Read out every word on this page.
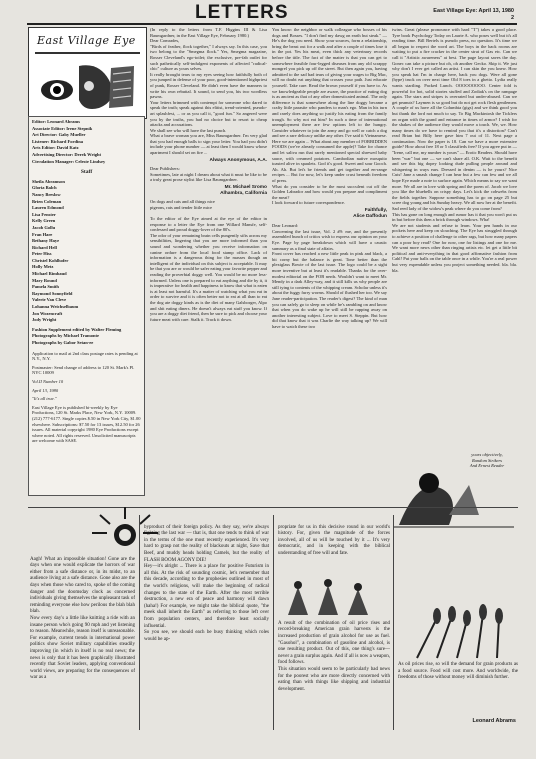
LETTERS	East Village Eye: April 13, 1980
2
East Village Eye

Editor: Leonard Abrams

Associate Editor: Irene Stepnik

Art Director: Gaby Mueller

Listener: Richard Fordina

Arts Editor: David Katz

Advertising Director: Derek Wright

Circulation Manager: Celeste Lindsey

Staff

Sheila Abramson

Gloria Balch

Nancy Breslow

Brien Coleman

Lauren Edmond

Lisa Fenster

Kelly Green

Jacob Gollu

Fran Hare

Bethany Haye

Richard Hell

Peter Hiss

Christel Kohlhofer

Holly Metz

Michael Rimbaud

Mary Round

Pamela Smith

Raymond Sonnyfield

Valerie Van Cleve

Lohanna Weichselbaum

Jon Wozencraft

Jody Wright

Fashion Supplement edited by Walter Fleming

Photographs by Michael Tramonte

Photographs by Gabor Setan-ee

Application to mail at 2nd class postage rates is pending at N.Y., N.Y.

Postmaster: Send change of address to 120 St. Mark's Pl. NYC 10009

Vol.II Number 10

April 13, 1980

"It's all true."

East Village Eye is published bi-weekly by Eye Productions, 120 St. Marks Place, New York, N.Y. 10009. (212) 777-6177. Single copies $.50 in New York City, $1.00 elsewhere. Subscriptions: $7.50 for 13 issues, $12.50 for 26 issues. All material copyright 1980 Eye Productions except where noted. All rights reserved. Unsolicited manuscripts are welcome with SASE.

(In reply to the letters from T.F. Higgins III & Lisa Baumgardner, in the East Village Eye, February 1980.)
Dear Comrades,
"Birds of feather, flock together," I always say. In this case, you two belong to the "Smegma flock." Yes, Smegma magazine, Rosser Cleveland's ego-toilet; the exclusive, pre-fab outlet for such pathetically self-indulgent exponents of affected "radical-chic" culture as yours selves.
It really brought tears to my eyes seeing how faithfully both of you jumped in defense of your poor, good-intentioned highpriest of punk, Rosser Cleveland. He didn't even have the manners to write his own rebuttal. It sound, to send you, his two wordless pawns.
Your letters brimmed with contempt for someone who dared to speak the truth; speak against this elitist, trend-oriented, pseudo-art splashfest, ... or as you call it, "good fun." So angered were you by the truths, you had no choice but to resort to cheap attacks and accusations.
We shall see who will have the last punch.
What a brave woman you are, Miss Baumgardner. I'm very glad that you had enough balls to sign your letter. You had you didn't include your phone number — at least then I would know whose apartment I should set on fire ...
Always Anonymous, A.A.
Dear Publishers:
Sometimes, late at night I dream about what it must be like to be a truly great prose stylist like Lisa Baumgardner.
Mr. Michael Sromo
Alhambra, California
On dogs and cats and all things nice
pigeons, rats and tender little mice

To the editor of the Eye aimed at the eye of the editor in response to a letter the Eye from one Willard Mansfe, self-confessed and proud doggy-lover of the 80's.
The odor of your remaining brain cells pungently sifts across my sensibilities, lingering that you are more informed than you sound and wondering whether you receive information on canine ordure from the local food stamp office. Lack of information is a dangerous thing for the masses though an intelligent of the individual on this subject is acceptable. It may be that you are or would be safer eating your favorite pepper and reading the proverbial doggy well. You would be no more less-informed. Unless one is prepared to eat anything and die by it, it is imperative for health and happiness to know that what is eaten is at least not harmful. It's a matter of watching what you eat in order to survive and it is often better not to eat at all than to eat the dog ate doggy kinds as is the diet of many Galsborger, Alpo and shit eating diners. He doesn't always eat stuff you know. If you are a doggy diet friend, then be sure to pick and choose your future meat with care. Stalk it. Track it down.
You know: the neighbor or walk colleague who bosses of his dogs and Bosses. "I don't find my dawg on earth but steak." — He's the dog you need. Show your sources, form a relationship, bring the beast out for a walk and after a couple of times lose it in the pot. Yes his meat, even thick any veterinary records before the title. The fact of the matter is that you can get to somewhere feasible four-legged diseases from any old scrappy mongrel you pick up off the street. But then again you, having admitted to the sad bad tears of giving your wages to Big Mac, will no doubt eat anything that crosses your path. Just educate yourself. Take care. Read the brown yourself if you have to. As we knowledgeable people are aware, the practice of eating dog is as ancient as that of any other domesticated animal. The only difference is that somewhere along the line doggy became a crafty little parasite who panders to man's ego. Man in his turn and rarely does anything so justify his eating from the family trough. So why not eat him? In such a time of international unemployment there are few options left to the hungry. Consider whatever to join the army and go well or catch a dog and see a rare delicacy unlike any other. I've said it Vietnamese.
Here we are again ... What about any member of FORBIDDEN FOODS (we've already consumed the apple)? Take for chance and let saliva run that rarely mentioned special shrewed baby sauce, with creamed potatoes. Cambodian native mosquito toasted alive in spaulets. God it's good. Sweet and sour Gooch. Ah. Ah. But let's be friends and get together and en-range recipes ... But for now, let's keep under crust beneath freedom of press.
What do you consider to be the most succulent cut off the Golden Labrador and how would you prepare and compliment the meat?
I look forward to future correspondence.
Faithfully,
Alice Daffodun
Dear Leonard:
Concerning the last issue, Vol. 2 #9: me, and the presently assembled bunch of critics wish to express our opinion on your Eye. Page by page breakdown which will have a caustic summary as a final state of affairs.
Front cover has reached a new little peak in pink and black, a bit corny but the balance is great. Tone better than the plexiglass Bowie of the last issue. The logo could be a sight more inventive but at least it's readable. Thanks for the over-modest editorial on the FOB nerds. Wouldn't want to meet Mr. Mendy in a dark Alley-way, and it still kills us why people are still tying to contents of the whipping cream. Scholar unless it's about the fuggy furry worms. Should of flushed her too. We say Jane reader-participation. The reader's digest? The kind of man you can safely go to sleep on while he's rambling on and know that when you do wake up he will still be rapping away on another interesting subject. Love to meet S. Steppin. But how did that know that it was Charlie the way talking up? We will have to watch these two
twins. Great (please pronounce with hard "T") takes a good place. Tyre book Psychology Today on Laurie A. who poses well but it's all reading time. Bill Bertels is pseudo press, no question. It's time we all began to respect the word art. The boys in the back rooms are waiting to put a fire cracker in the center strut of Gas etc. Can we call it "Artistic awareness" at best. The page layout saves the day. Gonec can take a picture but oh, oh another Gecko. Skip it. We just why don't I ever get called an artist. I can skin the you knew. How you speak hat I'm in charge here, back you dogs. Were all gone (hype) truck on over next time Old 8 toes in a ghetto. Lydia really wants startling. Packed Lunch. OOOOOOOOO. Center fold is powerful for hot, solid stories stuffed and Zodiak's on the rampage again. The stars and stripes is overrated but under-abused. Can we get peanuts? Laymen is so good but do not get rock flesh gentlemen. A couple of us have all the Columbia (gigs) and we think good you but thank the lord not much to say. To Big Mackintosh the Ticklers on organ with the grand and entrance in times of armor? I wish for the shakes of the audience they would move a touch. We, we. How many times do we have to remind you that it's a distortion? Can't read Brian but Billy here gave him 7 out of 11. Next page a continuation. Now the paper is 18. Can we have a more extensive guide? How about free 18 or 5 classifieds free? If you agree put in — "Irene, call me, my number is yours" — Erotic Readers. Should have been "war" but one — we can't share all. O.K. Wait to the benefit and see this big dopey looking dude pulling people around and whispering in ways ears. Dressed in denim — is he yours? Nice Cuts! Jane a smash change I can hear but a few can few and we all hope Eye made a note to surface again. Which means to say we want more. We all are in love with spring and the poem of. Jacob we love you like the bluebells on crispy days. Let's kick the cobwebs from the fields together. Suppose something has to go on page 25 but scree dog young and his Sunday heavy. We all now her at the benefit. Sad reed lady of the widow's peak where do you come from?
This has gone on long enough and rumor has it that you won't put us in but before this then a brick through windows. Wha!
We are not students and refuse to learn. Your pen hands in our pockets here and keep on slouching. The Eye has struggled through to achieve a position of challenge to other rags, but how many papers can a poor boy read? One for now, one for listings and one for me. We want more news other than ringing artists etc. let get a little bit political and anti-everything in that good affirmative fashion from Cahl! Put your balls on the table once in a while. You're a real power but very expendable unless you project something needed. bla. bla. bla.
yours objectively,
Random Strikers
And Ernest Reader

Aagh! What an impossible situation! Gone are the days when one would explicate the horrors of war either from a safe distance or, in its midst, to an audience living at a safe distance. Gone also are the days when those who cared to, spoke of the coming danger and the doomsday clock as concerned individuals giving themselves the unpleasant task of reminding everyone else how perilous the blah blah blah.
Now every day's a little like knitting a ride with an insane person who's going 90 mph and yet listening to reason. Meanwhile, reason itself is unreasonable. For example, current trends in international power politics show Soviet military capabilities steadily improving (in which in itself is no real news; the news is only that it has been graphically illustrated recently that Soviet leaders, applying conventional world views, are preparing for the consequences of war as a

byproduct of their foreign policy. As they say, we're always fighting the last war — that is, that one tends to think of war in the terms of the one most recently experienced. It's very hard to grasp not the reality of blackouts at night, Save that Beef, and muddy heads holding Camels, but the reality of FLASH BOOM AGONY DIE!
Hey—it's alright ... There is a place for positive Futurism in all this. At the risk of sounding cosmic, let's remember that this decade, according to the prophesies outlined in most of the world's religions, will make the beginning of radical changes to the state of the Earth. After the most terrible destruction, a new era of peace and harmony will dawn (haha!) For example, we might take the biblical quote, "the meek shall inherit the Earth" as referring to those left over from population centers, and therefore least socially influential.
So you see, we should each be busy thinking which roles would be ap-

propriate for us in this decisive round in our world's history. For, given the magnitude of the forces involved, all of us will be touched by it ... It's very democratic, and in keeping with the biblical understanding of free will and fate.

A result of the combination of oil price rises and record-breaking American grain harvests is the increased production of grain alcohol for use as fuel. "Gasohol", a combination of gasoline and alcohol, is one resulting product. Out of this, one thing's sure—never a grain surplus again. And if all is now a weapon, food follows.
This situation would seem to be particularly bad news for the poorest who are more directly concerned with eating than with things like shipping and industrial development.

As oil prices rise, so will the demand for grain products as a food source. Food will cost more. And worldwide, the freedoms of those without money will diminish further.
Leonard Abrams
